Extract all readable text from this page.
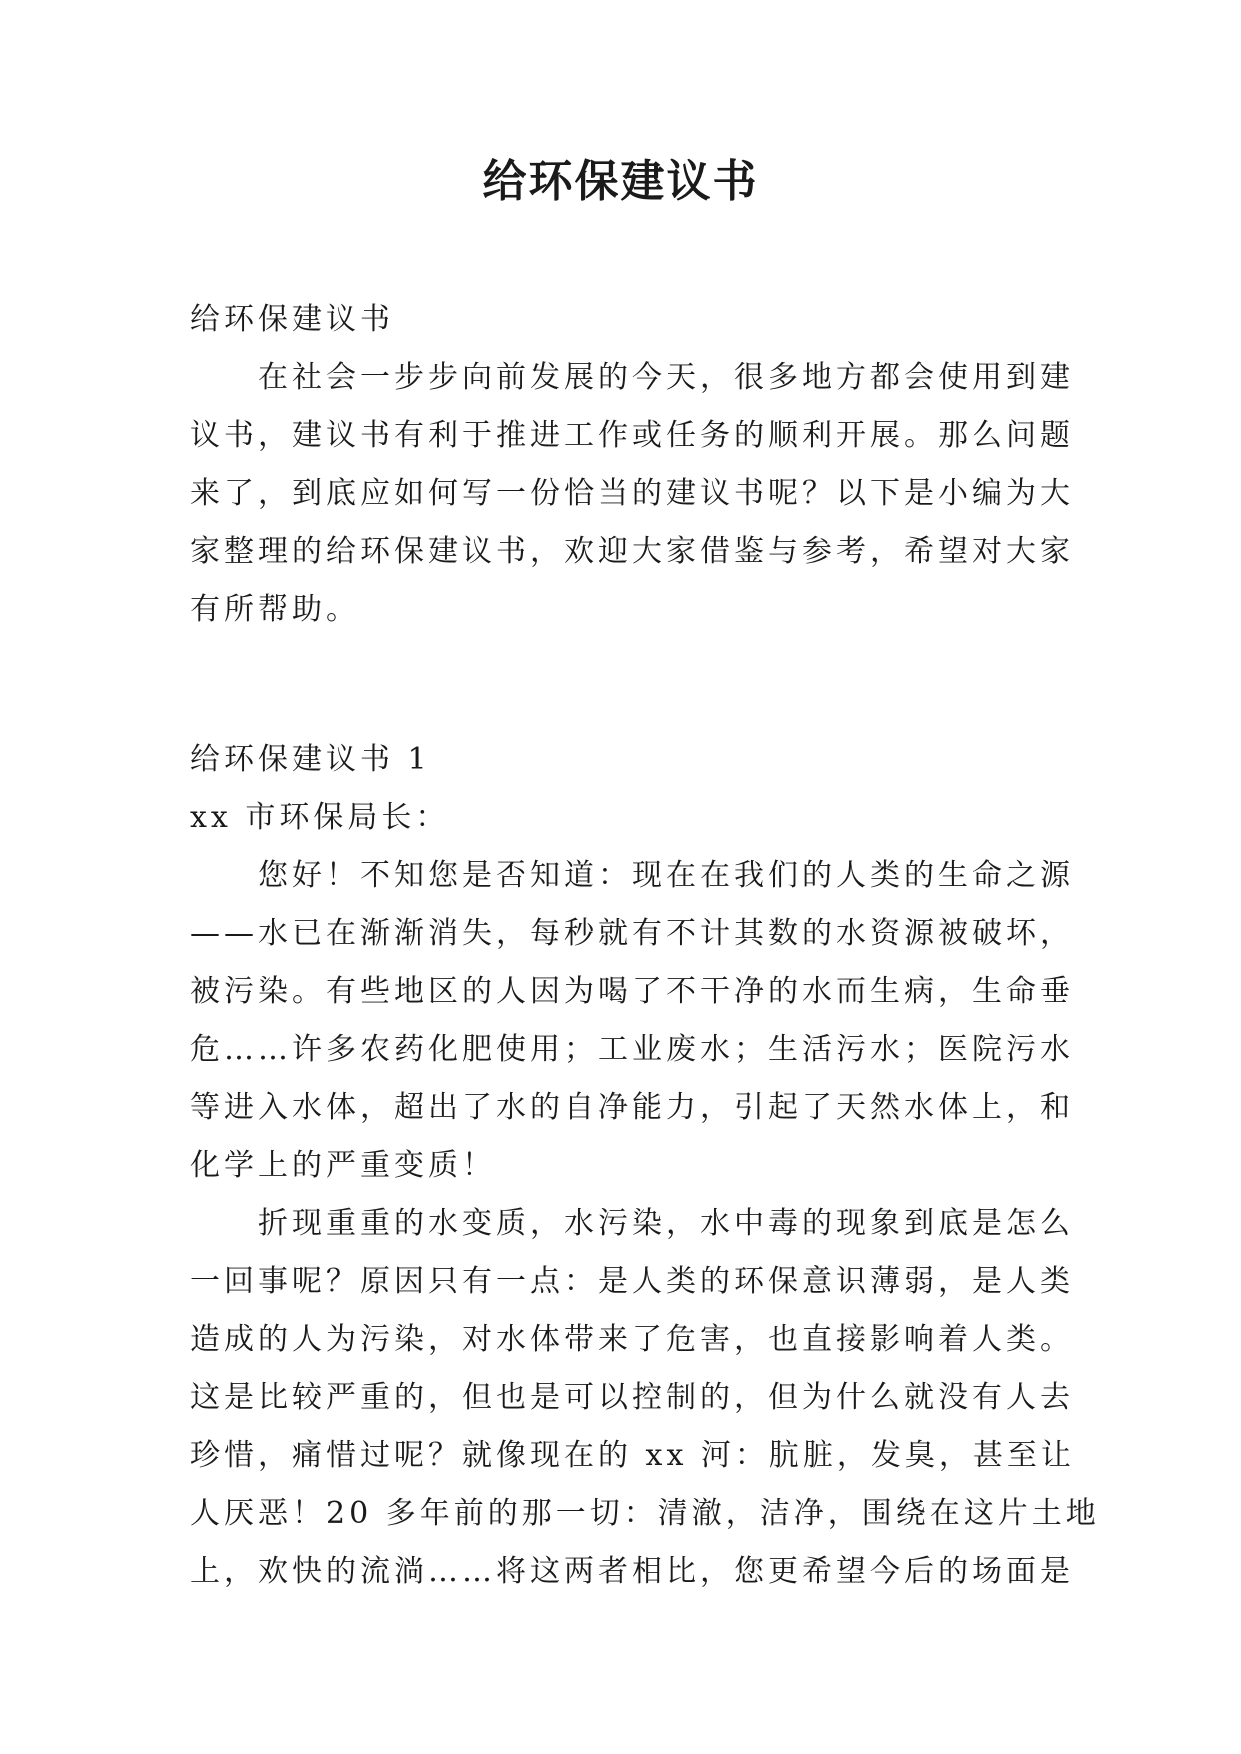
给环保建议书

给环保建议书

在社会一步步向前发展的今天，很多地方都会使用到建

议书，建议书有利于推进工作或任务的顺利开展。那么问题

来了，到底应如何写一份恰当的建议书呢？以下是小编为大

家整理的给环保建议书，欢迎大家借鉴与参考，希望对大家

有所帮助。

给环保建议书 1

xx 市环保局长：

您好！不知您是否知道：现在在我们的人类的生命之源

——水已在渐渐消失，每秒就有不计其数的水资源被破坏，

被污染。有些地区的人因为喝了不干净的水而生病，生命垂

危……许多农药化肥使用；工业废水；生活污水；医院污水

等进入水体，超出了水的自净能力，引起了天然水体上，和

化学上的严重变质！

折现重重的水变质，水污染，水中毒的现象到底是怎么

一回事呢？原因只有一点：是人类的环保意识薄弱，是人类

造成的人为污染，对水体带来了危害，也直接影响着人类。

这是比较严重的，但也是可以控制的，但为什么就没有人去

珍惜，痛惜过呢？就像现在的 xx 河：肮脏，发臭，甚至让

人厌恶！20 多年前的那一切：清澈，洁净，围绕在这片土地

上，欢快的流淌……将这两者相比，您更希望今后的场面是
